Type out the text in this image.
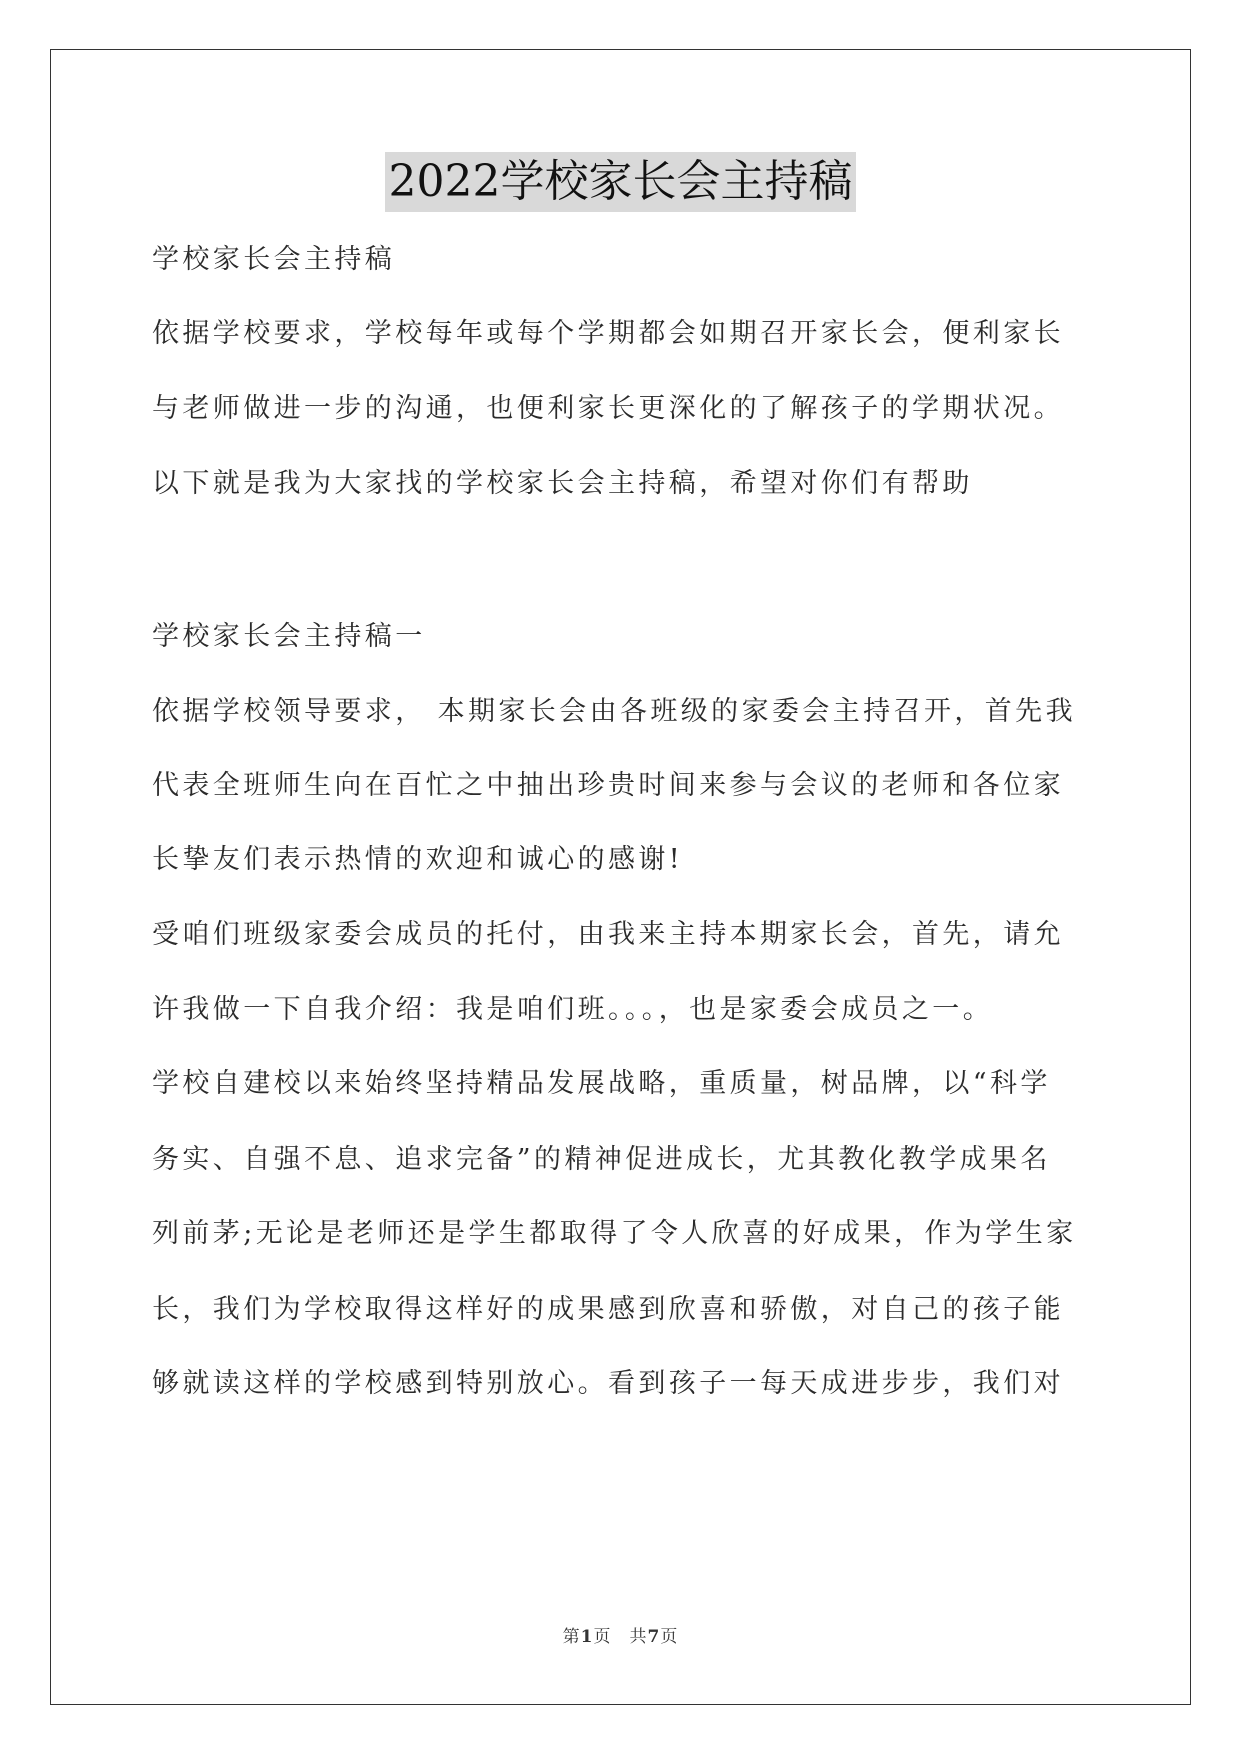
2022学校家长会主持稿
学校家长会主持稿
依据学校要求，学校每年或每个学期都会如期召开家长会，便利家长
与老师做进一步的沟通，也便利家长更深化的了解孩子的学期状况。
以下就是我为大家找的学校家长会主持稿，希望对你们有帮助
学校家长会主持稿一
依据学校领导要求， 本期家长会由各班级的家委会主持召开，首先我
代表全班师生向在百忙之中抽出珍贵时间来参与会议的老师和各位家
长挚友们表示热情的欢迎和诚心的感谢!
受咱们班级家委会成员的托付，由我来主持本期家长会，首先，请允
许我做一下自我介绍：我是咱们班。。。，也是家委会成员之一。
学校自建校以来始终坚持精品发展战略，重质量，树品牌，以“科学
务实、自强不息、追求完备”的精神促进成长，尤其教化教学成果名
列前茅;无论是老师还是学生都取得了令人欣喜的好成果，作为学生家
长，我们为学校取得这样好的成果感到欣喜和骄傲，对自己的孩子能
够就读这样的学校感到特别放心。看到孩子一每天成进步步，我们对
第1页　共7页
